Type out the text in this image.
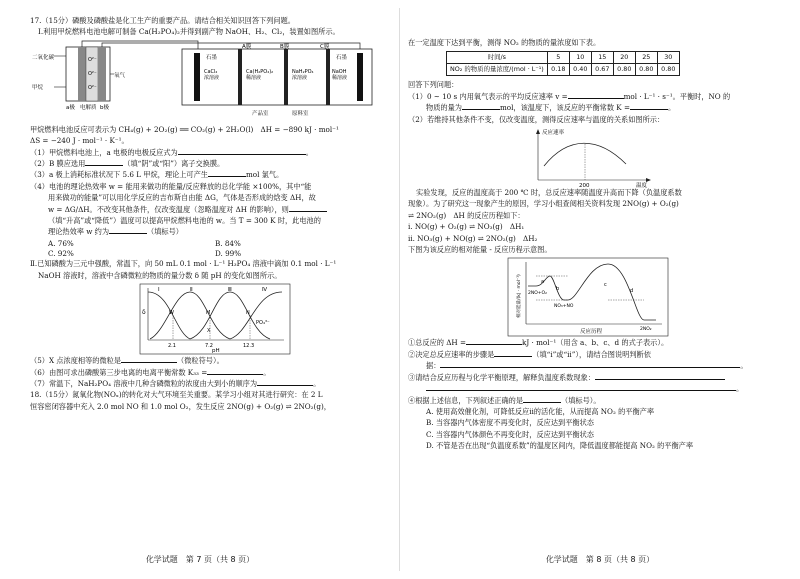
17.（15分）磷酸及磷酸盐是化工生产的重要产品。请结合相关知识回答下列问题。

Ⅰ.利用甲烷燃料电池电解可制备 Ca(H₂PO₄)₂并得到副产物 NaOH、H₂、Cl₂，装置如图所示。

二氧化碳
甲烷
氧气
O²⁻
O²⁻
O²⁻
a极 电解质 b极
石墨
A膜	B膜	C膜
石墨
CaCl₂ 浓溶液
Ca(H₂PO₄)₂ 稀溶液
NaH₂PO₄ 浓溶液
NaOH 稀溶液
产品室	原料室

甲烷燃料电池反应可表示为 CH₄(g) + 2O₂(g) ══ CO₂(g) + 2H₂O(l)　ΔH = −890 kJ · mol⁻¹

ΔS = −240 J · mol⁻¹ · K⁻¹。

（1）甲烷燃料电池上，a 电极的电极反应式为	。

（2）B 膜应选用	（填“阴”或“阳”）离子交换膜。

（3）a 极上消耗标准状况下 5.6 L 甲烷，理论上可产生	mol 氯气。

（4）电池的理论热效率 w = 能用来做功的能量/反应释放的总化学能 ×100%，其中“能

用来做功的能量”可以用化学反应的吉布斯自由能 ΔG，气体是否形成的焓变 ΔH，故

w = ΔG/ΔH。不改变其他条件，仅改变温度（忽略温度对 ΔH 的影响），则

（填“升高”或“降低”）温度可以提高甲烷燃料电池的 w。当 T = 300 K 时，此电池的

理论热效率 w 约为	（填标号）

A. 76%	B. 84%
C. 92%	D. 99%

Ⅱ.已知磷酸为三元中强酸，常温下，向 50 mL 0.1 mol · L⁻¹ H₃PO₄ 溶液中滴加 0.1 mol · L⁻¹

NaOH 溶液时，溶液中含磷微粒的物质的量分数 δ 随 pH 的变化如图所示。

δ
pH
Ⅰ	Ⅱ	Ⅲ	Ⅳ
W	M
X
N
PO₄³⁻
2.1	7.2	12.3

（5）X 点浓度相等的微粒是	（微粒符号）。

（6）由图可求出磷酸第三步电离的电离平衡常数 K₃₃ =	。

（7）常温下，NaH₂PO₄ 溶液中几种含磷微粒的浓度由大到小的顺序为	。

18.（15分）氮氧化物(NOₓ)的转化对大气环境至关重要。某学习小组对其进行研究：在 2 L

恒容密闭容器中充入 2.0 mol NO 和 1.0 mol O₂，发生反应 2NO(g) + O₂(g) ⇌ 2NO₂(g)，

化学试题　第 7 页（共 8 页）

在一定温度下达到平衡，测得 NO₂ 的物质的量浓度如下表。

时间/s	5	10	15	20	25	30
NO₂ 的物质的量浓度/(mol · L⁻¹)	0.18	0.40	0.67	0.80	0.80	0.80

回答下列问题：

（1）0 ~ 10 s 内用氧气表示的平均反应速率 v =	mol · L⁻¹ · s⁻¹。平衡时，NO 的

物质的量为	mol，该温度下，该反应的平衡常数 K =	。

（2）若维持其他条件不变，仅改变温度，测得反应速率与温度的关系如图所示：

反应速率
温度
200

实验发现，反应的温度高于 200 ℃ 时，总反应速率随温度升高而下降（负温度系数

现象）。为了研究这一现象产生的原因，学习小组查阅相关资料发现 2NO(g) + O₂(g)

⇌ 2NO₂(g)　ΔH 的反应历程如下：

ⅰ. NO(g) + O₂(g) ⇌ NO₃(g)　ΔH₁

ⅱ. NO₃(g) + NO(g) ⇌ 2NO₂(g)　ΔH₂

下图为该反应的相对能量 - 反应历程示意图。

相对能量/(kJ · mol⁻¹)
反应历程
2NO+O₂
NO₃+NO
2NO₂
a
b
c
d

①总反应的 ΔH =	kJ · mol⁻¹（用含 a、b、c、d 的式子表示）。

②决定总反应速率的步骤是	（填“ⅰ”或“ⅱ”），请结合图说明判断依

据：	。

③请结合反应历程与化学平衡原理，解释负温度系数现象：

。

④根据上述信息，下列叙述正确的是	（填标号）。

A. 使用高效催化剂，可降低反应ⅱ的活化能，从而提高 NO₂ 的平衡产率

B. 当容器内气体密度不再变化时，反应达到平衡状态

C. 当容器内气体颜色不再变化时，反应达到平衡状态

D. 不管是否在出现“负温度系数”的温度区间内，降低温度都能提高 NO₂ 的平衡产率

化学试题　第 8 页（共 8 页）
